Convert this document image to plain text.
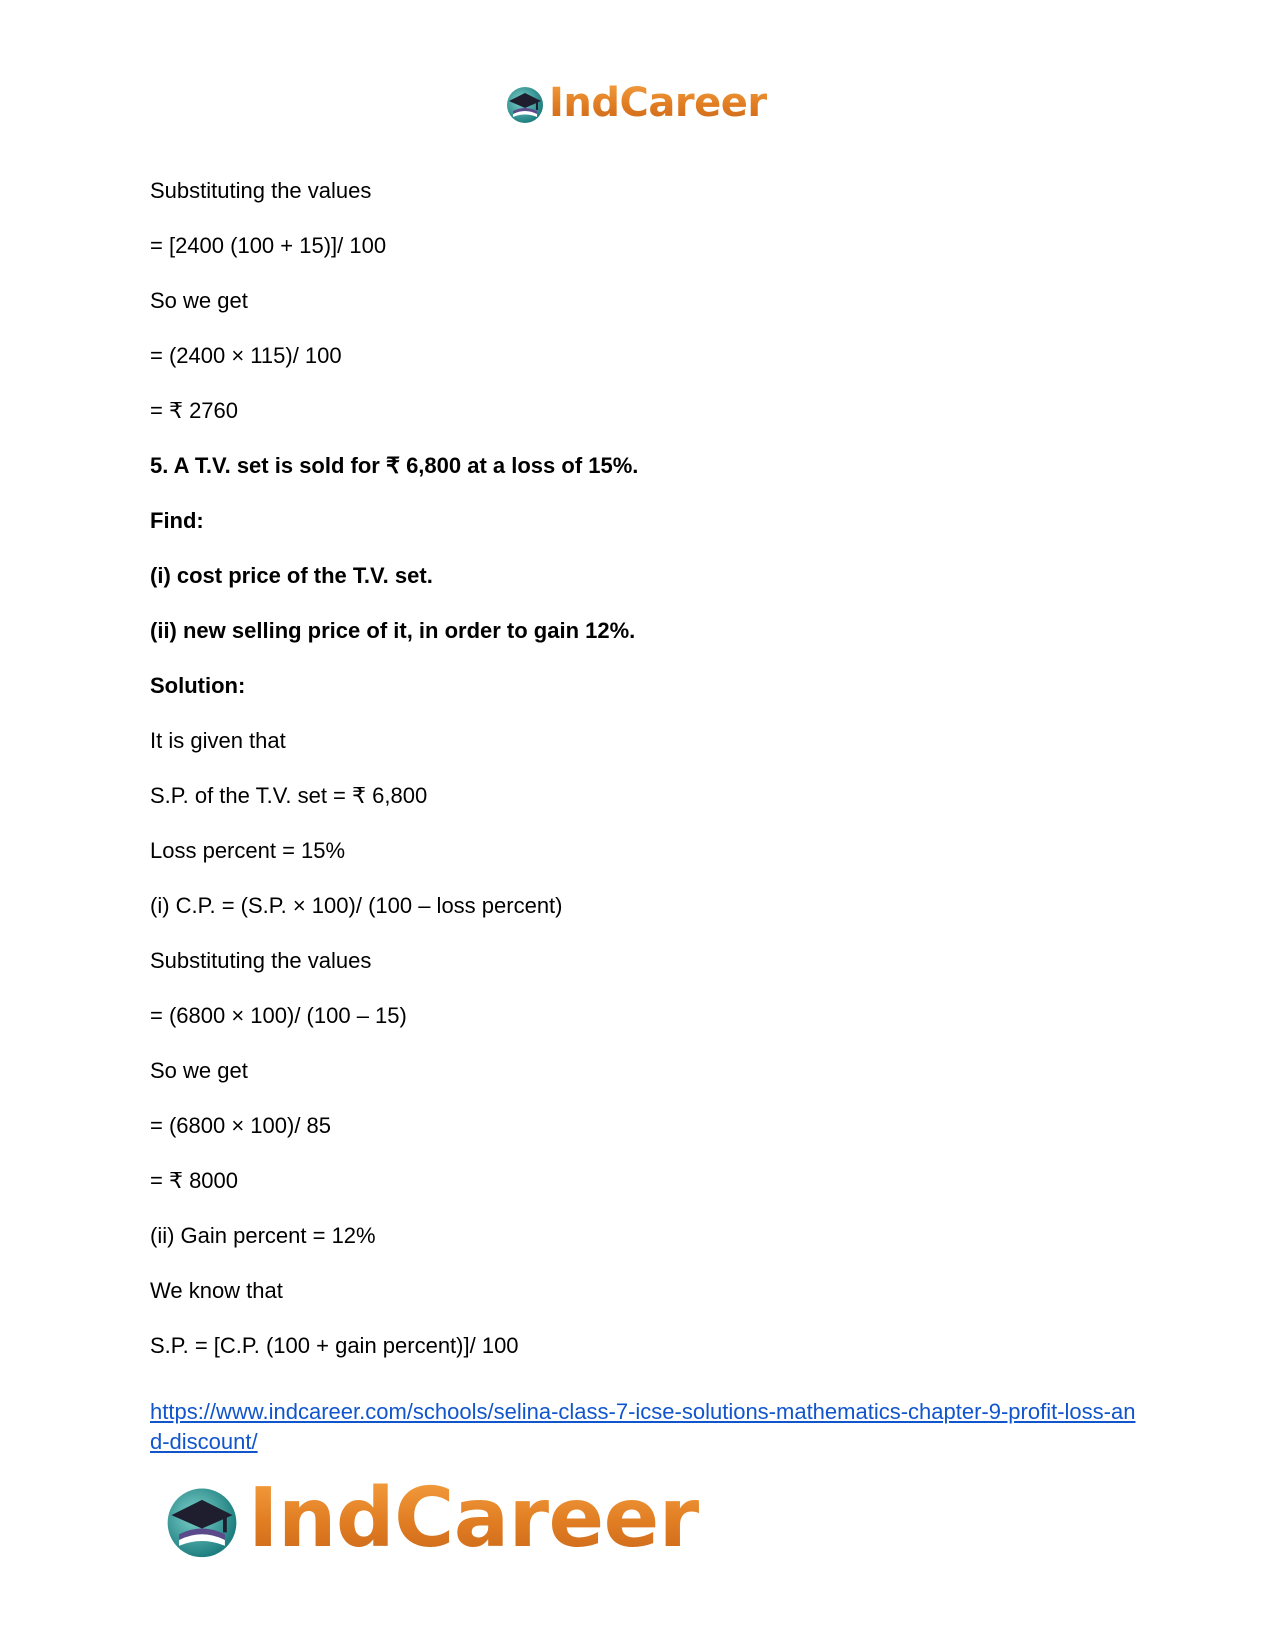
IndCareer
Substituting the values
= [2400 (100 + 15)]/ 100
So we get
= (2400 × 115)/ 100
= ₹ 2760
5. A T.V. set is sold for ₹ 6,800 at a loss of 15%.
Find:
(i) cost price of the T.V. set.
(ii) new selling price of it, in order to gain 12%.
Solution:
It is given that
S.P. of the T.V. set = ₹ 6,800
Loss percent = 15%
(i) C.P. = (S.P. × 100)/ (100 – loss percent)
Substituting the values
= (6800 × 100)/ (100 – 15)
So we get
= (6800 × 100)/ 85
= ₹ 8000
(ii) Gain percent = 12%
We know that
S.P. = [C.P. (100 + gain percent)]/ 100
https://www.indcareer.com/schools/selina-class-7-icse-solutions-mathematics-chapter-9-profit-loss-and-discount/
IndCareer
